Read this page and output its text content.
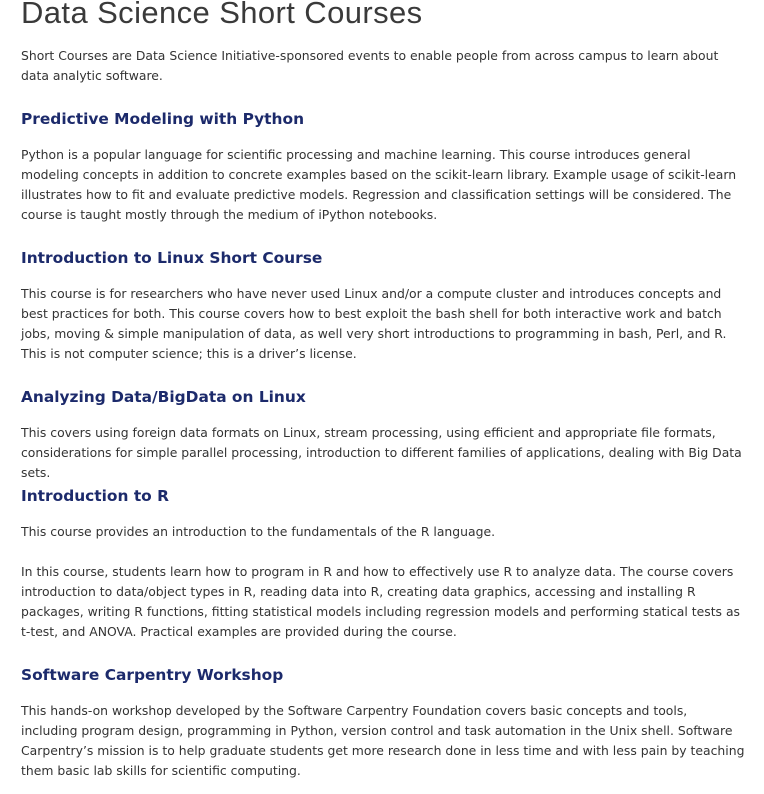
Data Science Short Courses

Short Courses are Data Science Initiative-sponsored events to enable people from across campus to learn about data analytic software.

Predictive Modeling with Python

Python is a popular language for scientific processing and machine learning. This course introduces general modeling concepts in addition to concrete examples based on the scikit-learn library. Example usage of scikit-learn illustrates how to fit and evaluate predictive models. Regression and classification settings will be considered. The course is taught mostly through the medium of iPython notebooks.

Introduction to Linux Short Course

This course is for researchers who have never used Linux and/or a compute cluster and introduces concepts and best practices for both. This course covers how to best exploit the bash shell for both interactive work and batch jobs, moving & simple manipulation of data, as well very short introductions to programming in bash, Perl, and R. This is not computer science; this is a driver’s license.

Analyzing Data/BigData on Linux

This covers using foreign data formats on Linux, stream processing, using efficient and appropriate file formats, considerations for simple parallel processing, introduction to different families of applications, dealing with Big Data sets.

Introduction to R

This course provides an introduction to the fundamentals of the R language.

In this course, students learn how to program in R and how to effectively use R to analyze data. The course covers introduction to data/object types in R, reading data into R, creating data graphics, accessing and installing R packages, writing R functions, fitting statistical models including regression models and performing statical tests as t-test, and ANOVA. Practical examples are provided during the course.

Software Carpentry Workshop

This hands-on workshop developed by the Software Carpentry Foundation covers basic concepts and tools, including program design, programming in Python, version control and task automation in the Unix shell. Software Carpentry’s mission is to help graduate students get more research done in less time and with less pain by teaching them basic lab skills for scientific computing.
